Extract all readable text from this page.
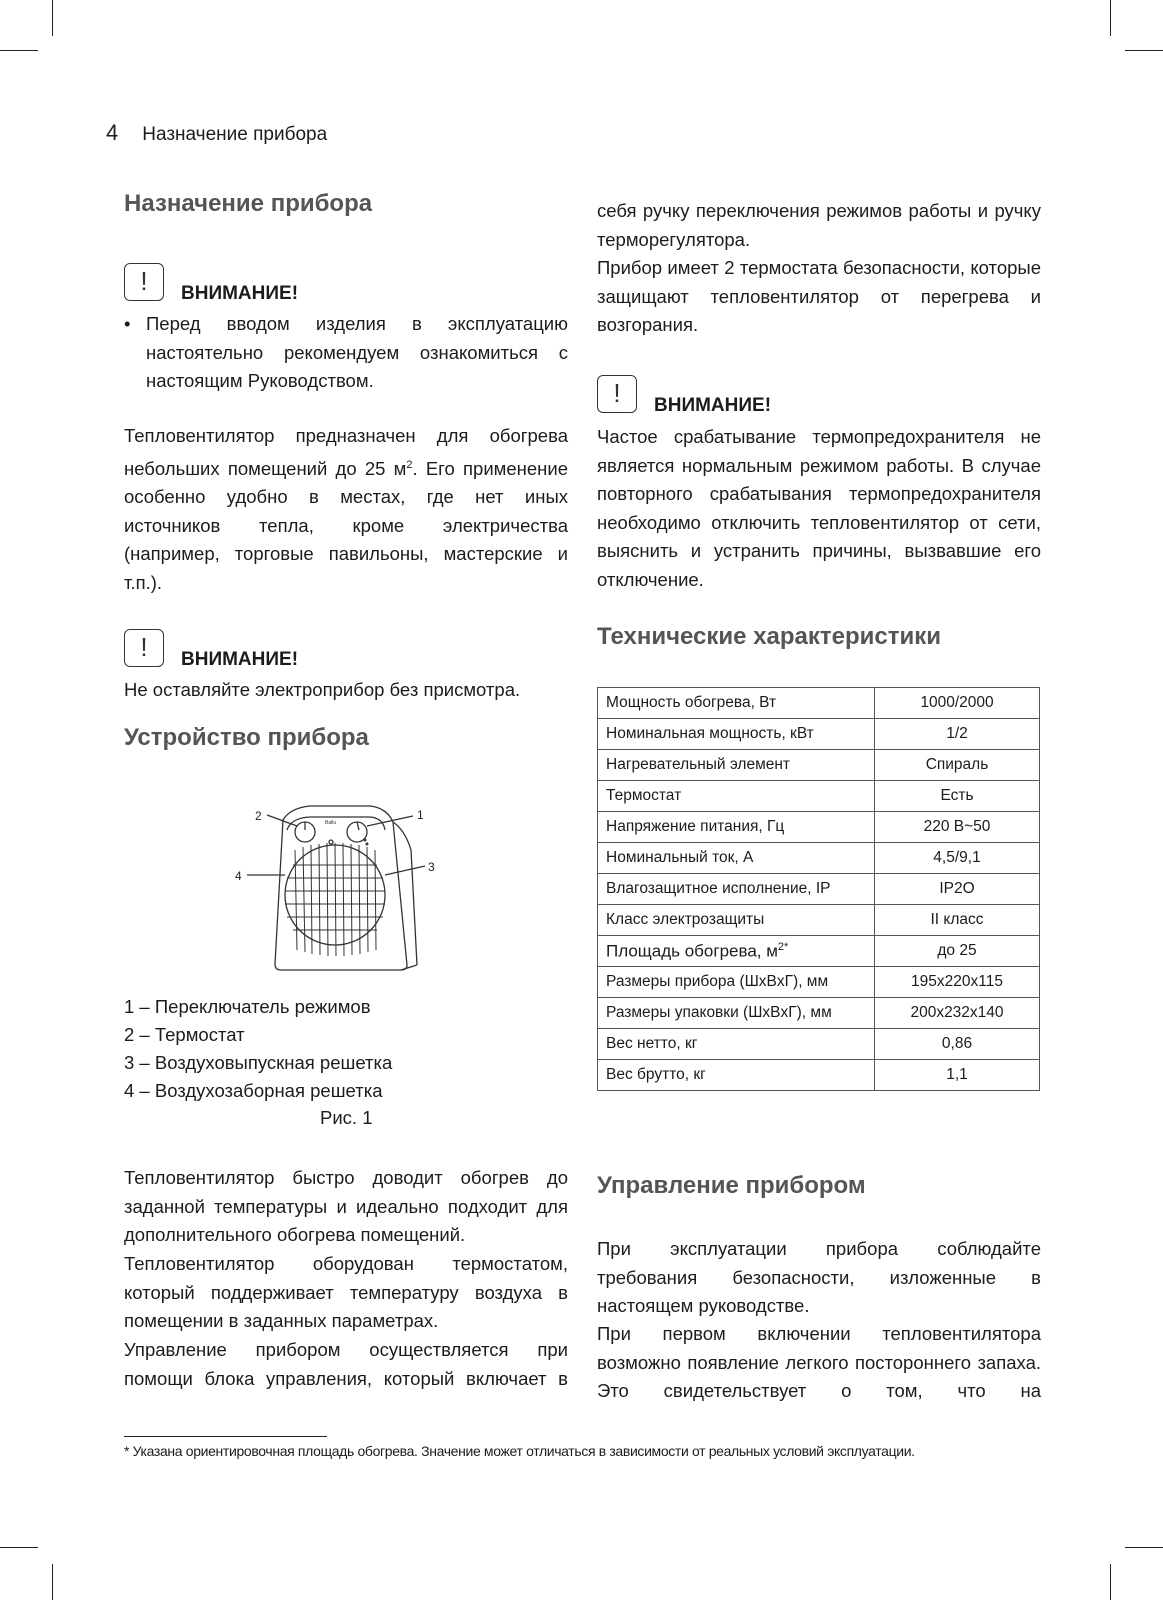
4 Назначение прибора
Назначение прибора
!	ВНИМАНИЕ!
• Перед вводом изделия в эксплуатацию настоятельно рекомендуем ознакомиться с настоящим Руководством.
Тепловентилятор предназначен для обогрева небольших помещений до 25 $м^2$. Его применение особенно удобно в местах, где нет иных источников тепла, кроме электричества (например, торговые павильоны, мастерские и т.п.).
!	ВНИМАНИЕ!
Не оставляйте электроприбор без присмотра.
Устройство прибора
Ballu
2	1
3
4
1 – Переключатель режимов
2 – Термостат
3 – Воздуховыпускная решетка
4 – Воздухозаборная решетка
Рис. 1
Тепловентилятор быстро доводит обогрев до заданной температуры и идеально подходит для дополнительного обогрева помещений.
Тепловентилятор оборудован термостатом, который поддерживает температуру воздуха в помещении в заданных параметрах.
Управление прибором осуществляется при помощи блока управления, который включает в
себя ручку переключения режимов работы и ручку терморегулятора.
Прибор имеет 2 термостата безопасности, которые защищают тепловентилятор от перегрева и возгорания.
!	ВНИМАНИЕ!
Частое срабатывание термопредохранителя не является нормальным режимом работы. В случае повторного срабатывания термопредохранителя необходимо отключить тепловентилятор от сети, выяснить и устранить причины, вызвавшие его отключение.
Технические характеристики
Мощность обогрева, Вт	1000/2000
Номинальная мощность, кВт	1/2
Нагревательный элемент	Спираль
Термостат	Есть
Напряжение питания, Гц	220 В~50
Номинальный ток, А	4,5/9,1
Влагозащитное исполнение, IP	IP2O
Класс электрозащиты	II класс
Площадь обогрева, $м^{2*}$	до 25
Размеры прибора (ШxВxГ), мм	195x220x115
Размеры упаковки (ШxВxГ), мм	200x232x140
Вес нетто, кг	0,86
Вес брутто, кг	1,1
Управление прибором
При эксплуатации прибора соблюдайте требования безопасности, изложенные в настоящем руководстве.
При первом включении тепловентилятора возможно появление легкого постороннего запаха. Это свидетельствует о том, что на
* Указана ориентировочная площадь обогрева. Значение может отличаться в зависимости от реальных условий эксплуатации.
